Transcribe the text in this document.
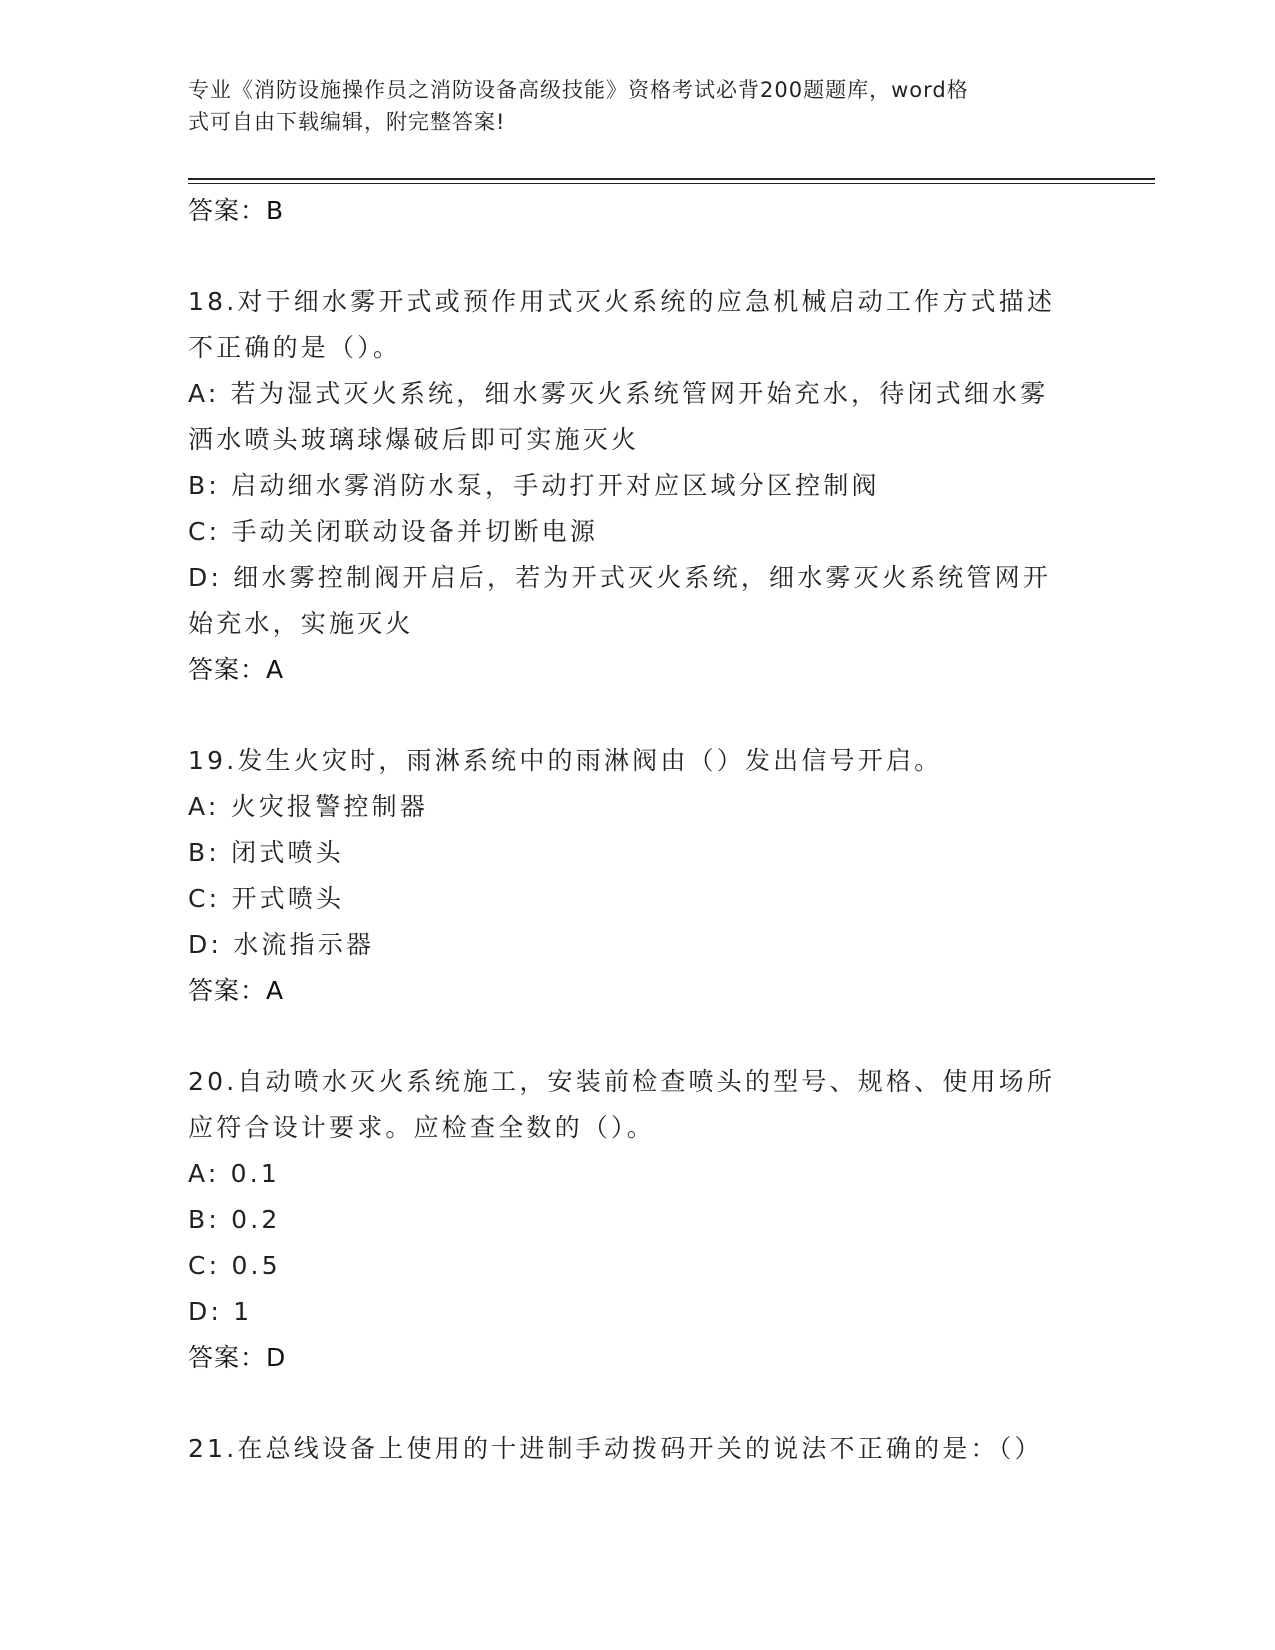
专业《消防设施操作员之消防设备高级技能》资格考试必背200题题库，word格
式可自由下载编辑，附完整答案!
答案：B
18.对于细水雾开式或预作用式灭火系统的应急机械启动工作方式描述
不正确的是（）。
A: 若为湿式灭火系统，细水雾灭火系统管网开始充水，待闭式细水雾
洒水喷头玻璃球爆破后即可实施灭火
B: 启动细水雾消防水泵，手动打开对应区域分区控制阀
C: 手动关闭联动设备并切断电源
D: 细水雾控制阀开启后，若为开式灭火系统，细水雾灭火系统管网开
始充水，实施灭火
答案：A
19.发生火灾时，雨淋系统中的雨淋阀由（）发出信号开启。
A: 火灾报警控制器
B: 闭式喷头
C: 开式喷头
D: 水流指示器
答案：A
20.自动喷水灭火系统施工，安装前检查喷头的型号、规格、使用场所
应符合设计要求。应检查全数的（）。
A: 0.1
B: 0.2
C: 0.5
D: 1
答案：D
21.在总线设备上使用的十进制手动拨码开关的说法不正确的是：（）
